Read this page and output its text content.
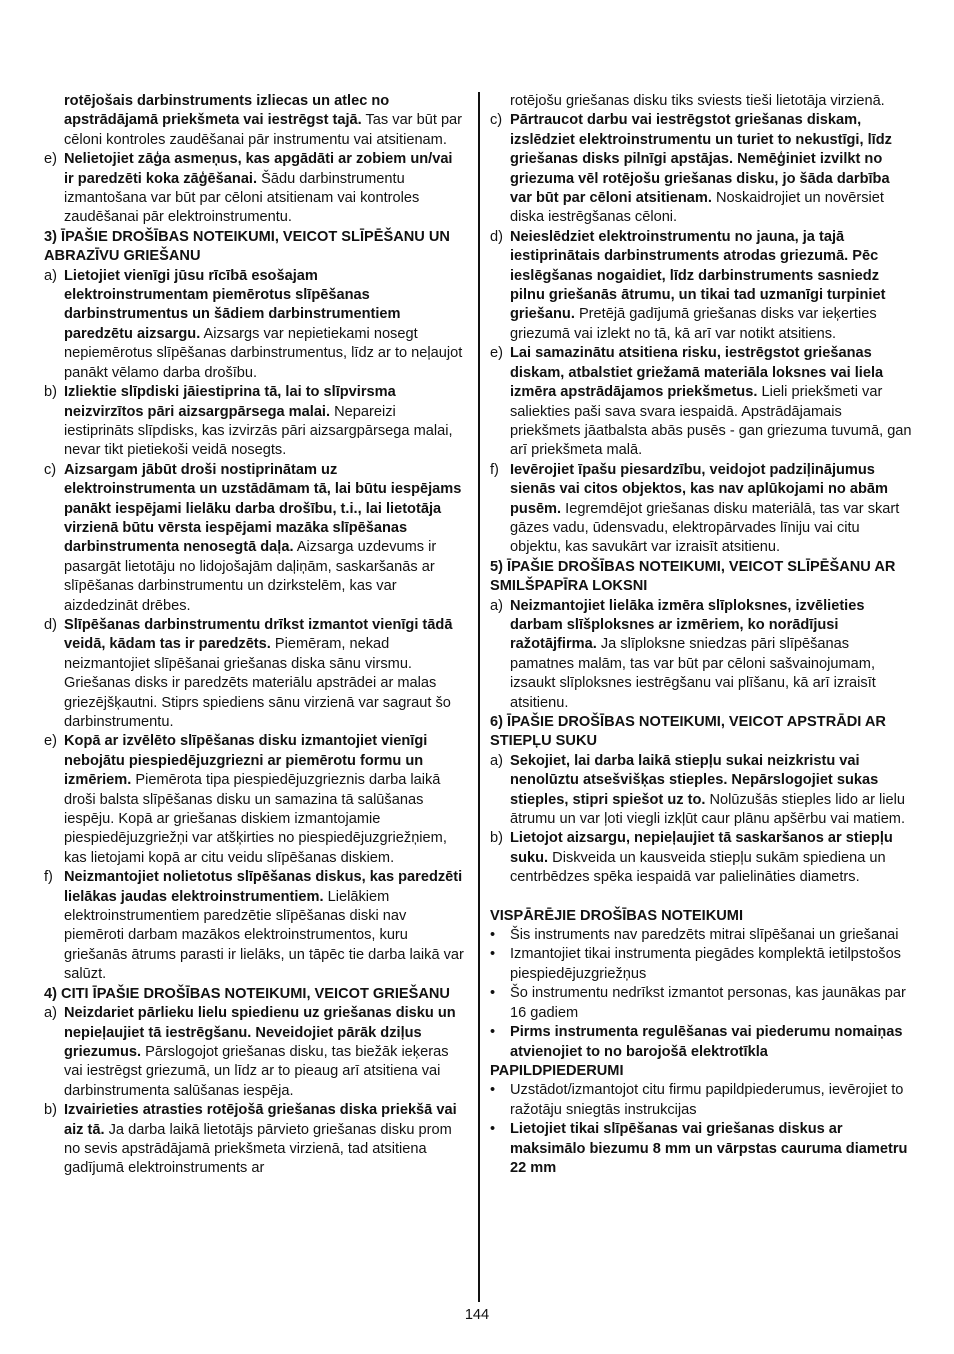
rotējošais darbinstruments izliecas un atlec no apstrādājamā priekšmeta vai iestrēgst tajā. Tas var būt par cēloni kontroles zaudēšanai pār instrumentu vai atsitienam.

e) Nelietojiet zāģa asmeņus, kas apgādāti ar zobiem un/vai ir paredzēti koka zāģēšanai. Šādu darbinstrumentu izmantošana var būt par cēloni atsitienam vai kontroles zaudēšanai pār elektroinstrumentu.

3) ĪPAŠIE DROŠĪBAS NOTEIKUMI, VEICOT SLĪPĒŠANU UN ABRAZĪVU GRIEŠANU

a) Lietojiet vienīgi jūsu rīcībā esošajam elektroinstrumentam piemērotus slīpēšanas darbinstrumentus un šādiem darbinstrumentiem paredzētu aizsargu. Aizsargs var nepietiekami nosegt nepiemērotus slīpēšanas darbinstrumentus, līdz ar to neļaujot panākt vēlamo darba drošību.

b) Izliektie slīpdiski jāiestiprina tā, lai to slīpvirsma neizvirzītos pāri aizsargpārsega malai. Nepareizi iestiprināts slīpdisks, kas izvirzās pāri aizsargpārsega malai, nevar tikt pietiekoši veidā nosegts.

c) Aizsargam jābūt droši nostiprinātam uz elektroinstrumenta un uzstādāmam tā, lai būtu iespējams panākt iespējami lielāku darba drošību, t.i., lai lietotāja virzienā būtu vērsta iespējami mazāka slīpēšanas darbinstrumenta nenosegtā daļa. Aizsarga uzdevums ir pasargāt lietotāju no lidojošajām daļiņām, saskaršanās ar slīpēšanas darbinstrumentu un dzirkstelēm, kas var aizdedzināt drēbes.

d) Slīpēšanas darbinstrumentu drīkst izmantot vienīgi tādā veidā, kādam tas ir paredzēts. Piemēram, nekad neizmantojiet slīpēšanai griešanas diska sānu virsmu. Griešanas disks ir paredzēts materiālu apstrādei ar malas griezējšķautni. Stiprs spiediens sānu virzienā var sagraut šo darbinstrumentu.

e) Kopā ar izvēlēto slīpēšanas disku izmantojiet vienīgi nebojātu piespiedējuzgriezni ar piemērotu formu un izmēriem. Piemērota tipa piespiedējuzgrieznis darba laikā droši balsta slīpēšanas disku un samazina tā salūšanas iespēju. Kopā ar griešanas diskiem izmantojamie piespiedējuzgriežņi var atšķirties no piespiedējuzgriežņiem, kas lietojami kopā ar citu veidu slīpēšanas diskiem.

f) Neizmantojiet nolietotus slīpēšanas diskus, kas paredzēti lielākas jaudas elektroinstrumentiem. Lielākiem elektroinstrumentiem paredzētie slīpēšanas diski nav piemēroti darbam mazākos elektroinstrumentos, kuru griešanās ātrums parasti ir lielāks, un tāpēc tie darba laikā var salūzt.

4) CITI ĪPAŠIE DROŠĪBAS NOTEIKUMI, VEICOT GRIEŠANU

a) Neizdariet pārlieku lielu spiedienu uz griešanas disku un nepieļaujiet tā iestrēgšanu. Neveidojiet pārāk dziļus griezumus. Pārslogojot griešanas disku, tas biežāk ieķeras vai iestrēgst griezumā, un līdz ar to pieaug arī atsitiena vai darbinstrumenta salūšanas iespēja.

b) Izvairieties atrasties rotējošā griešanas diska priekšā vai aiz tā. Ja darba laikā lietotājs pārvieto griešanas disku prom no sevis apstrādājamā priekšmeta virzienā, tad atsitiena gadījumā elektroinstruments ar

rotējošu griešanas disku tiks sviests tieši lietotāja virzienā.

c) Pārtraucot darbu vai iestrēgstot griešanas diskam, izslēdziet elektroinstrumentu un turiet to nekustīgi, līdz griešanas disks pilnīgi apstājas. Nemēģiniet izvilkt no griezuma vēl rotējošu griešanas disku, jo šāda darbība var būt par cēloni atsitienam. Noskaidrojiet un novērsiet diska iestrēgšanas cēloni.

d) Neieslēdziet elektroinstrumentu no jauna, ja tajā iestiprinātais darbinstruments atrodas griezumā. Pēc ieslēgšanas nogaidiet, līdz darbinstruments sasniedz pilnu griešanās ātrumu, un tikai tad uzmanīgi turpiniet griešanu. Pretējā gadījumā griešanas disks var ieķerties griezumā vai izlekt no tā, kā arī var notikt atsitiens.

e) Lai samazinātu atsitiena risku, iestrēgstot griešanas diskam, atbalstiet griežamā materiāla loksnes vai liela izmēra apstrādājamos priekšmetus. Lieli priekšmeti var saliekties paši sava svara iespaidā. Apstrādājamais priekšmets jāatbalsta abās pusēs - gan griezuma tuvumā, gan arī priekšmeta malā.

f) Ievērojiet īpašu piesardzību, veidojot padziļinājumus sienās vai citos objektos, kas nav aplūkojami no abām pusēm. Iegremdējot griešanas disku materiālā, tas var skart gāzes vadu, ūdensvadu, elektropārvades līniju vai citu objektu, kas savukārt var izraisīt atsitienu.

5) ĪPAŠIE DROŠĪBAS NOTEIKUMI, VEICOT SLĪPĒŠANU AR SMILŠPAPĪRA LOKSNI

a) Neizmantojiet lielāka izmēra slīploksnes, izvēlieties darbam slīšploksnes ar izmēriem, ko norādījusi ražotājfirma. Ja slīploksne sniedzas pāri slīpēšanas pamatnes malām, tas var būt par cēloni sašvainojumam, izsaukt slīploksnes iestrēgšanu vai plīšanu, kā arī izraisīt atsitienu.

6) ĪPAŠIE DROŠĪBAS NOTEIKUMI, VEICOT APSTRĀDI AR STIEPĻU SUKU

a) Sekojiet, lai darba laikā stiepļu sukai neizkristu vai nenolūztu atsešvišķas stieples. Nepārslogojiet sukas stieples, stipri spiešot uz to. Nolūzušās stieples lido ar lielu ātrumu un var ļoti viegli izkļūt caur plānu apšērbu vai matiem.

b) Lietojot aizsargu, nepieļaujiet tā saskaršanos ar stiepļu suku. Diskveida un kausveida stiepļu sukām spiediena un centrbēdzes spēka iespaidā var palielināties diametrs.

VISPĀRĒJIE DROŠĪBAS NOTEIKUMI

• Šis instruments nav paredzēts mitrai slīpēšanai un griešanai

• Izmantojiet tikai instrumenta piegādes komplektā ietilpstošos piespiedējuzgriežņus

• Šo instrumentu nedrīkst izmantot personas, kas jaunākas par 16 gadiem

• Pirms instrumenta regulēšanas vai piederumu nomaiņas atvienojiet to no barojošā elektrotīkla

PAPILDPIEDERUMI

• Uzstādot/izmantojot citu firmu papildpiederumus, ievērojiet to ražotāju sniegtās instrukcijas

• Lietojiet tikai slīpēšanas vai griešanas diskus ar maksimālo biezumu 8 mm un vārpstas cauruma diametru 22 mm

144
